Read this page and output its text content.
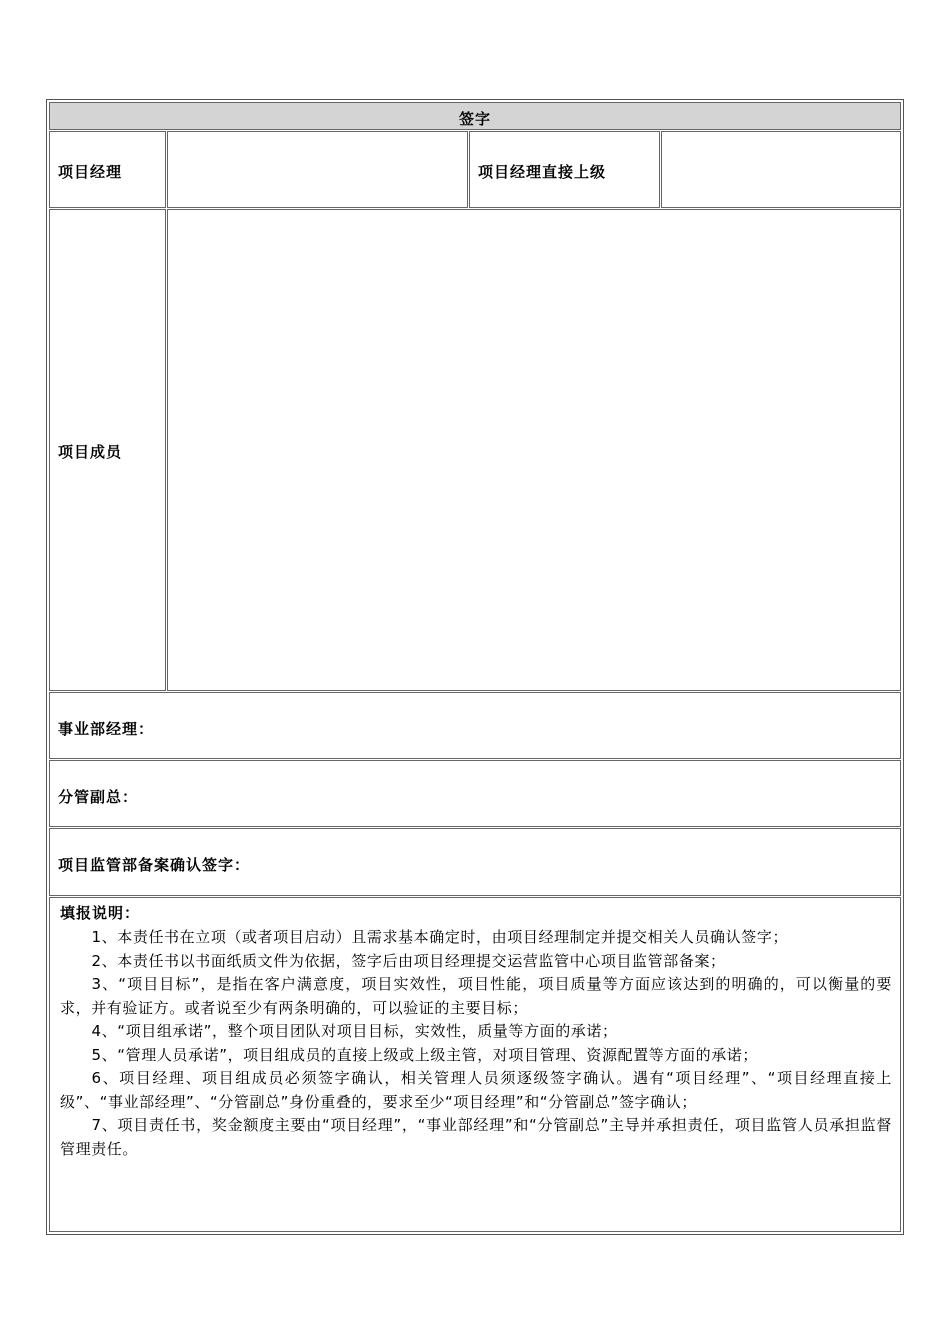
签字
项目经理	项目经理直接上级
项目成员
事业部经理：
分管副总：
项目监管部备案确认签字：
填报说明：

1、本责任书在立项（或者项目启动）且需求基本确定时，由项目经理制定并提交相关人员确认签字；

2、本责任书以书面纸质文件为依据，签字后由项目经理提交运营监管中心项目监管部备案；

3、“项目目标”，是指在客户满意度，项目实效性，项目性能，项目质量等方面应该达到的明确的，可以衡量的要求，并有验证方。或者说至少有两条明确的，可以验证的主要目标；

4、“项目组承诺”，整个项目团队对项目目标，实效性，质量等方面的承诺；

5、“管理人员承诺”，项目组成员的直接上级或上级主管，对项目管理、资源配置等方面的承诺；

6、项目经理、项目组成员必须签字确认，相关管理人员须逐级签字确认。遇有“项目经理”、“项目经理直接上级”、“事业部经理”、“分管副总”身份重叠的，要求至少“项目经理”和“分管副总”签字确认；

7、项目责任书，奖金额度主要由“项目经理”，“事业部经理”和“分管副总”主导并承担责任，项目监管人员承担监督管理责任。
